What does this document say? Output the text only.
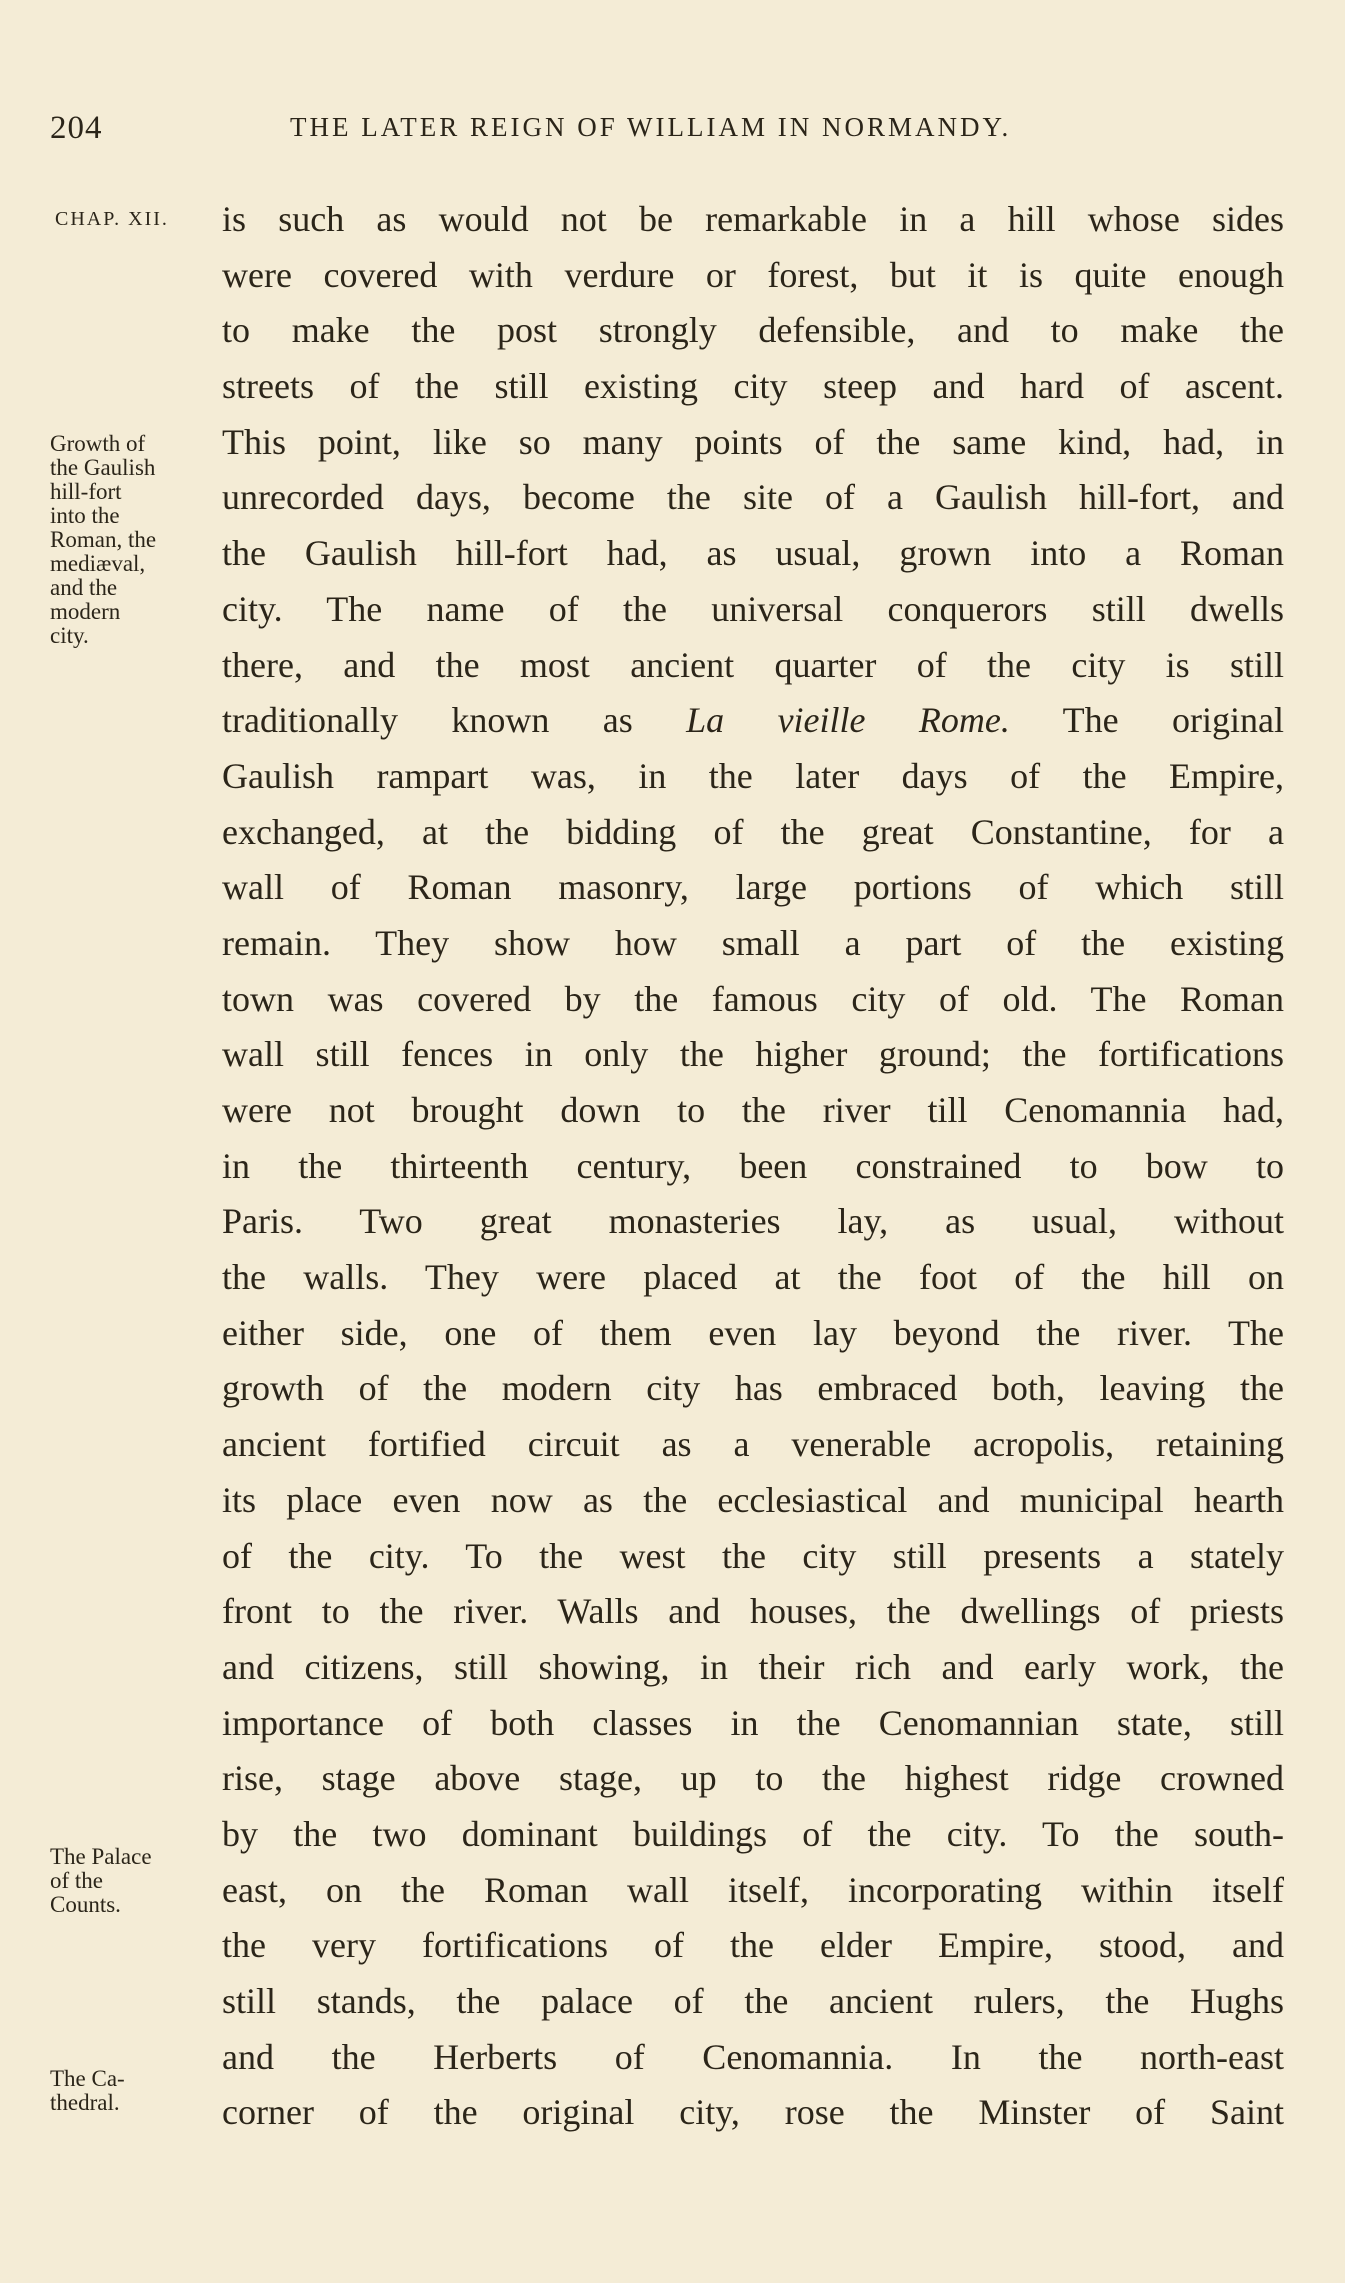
204	THE LATER REIGN OF WILLIAM IN NORMANDY.
CHAP. XII.
Growth of
the Gaulish
hill-fort
into the
Roman, the
mediæval,
and the
modern
city.
The Palace
of the
Counts.
The Ca-
thedral.
is such as would not be remarkable in a hill whose sides
were covered with verdure or forest, but it is quite enough
to make the post strongly defensible, and to make the
streets of the still existing city steep and hard of ascent.
This point, like so many points of the same kind, had, in
unrecorded days, become the site of a Gaulish hill-fort, and
the Gaulish hill-fort had, as usual, grown into a Roman
city. The name of the universal conquerors still dwells
there, and the most ancient quarter of the city is still
traditionally known as La vieille Rome. The original
Gaulish rampart was, in the later days of the Empire,
exchanged, at the bidding of the great Constantine, for a
wall of Roman masonry, large portions of which still
remain. They show how small a part of the existing
town was covered by the famous city of old. The Roman
wall still fences in only the higher ground; the fortifications
were not brought down to the river till Cenomannia had,
in the thirteenth century, been constrained to bow to
Paris. Two great monasteries lay, as usual, without
the walls. They were placed at the foot of the hill on
either side, one of them even lay beyond the river. The
growth of the modern city has embraced both, leaving the
ancient fortified circuit as a venerable acropolis, retaining
its place even now as the ecclesiastical and municipal hearth
of the city. To the west the city still presents a stately
front to the river. Walls and houses, the dwellings of priests
and citizens, still showing, in their rich and early work, the
importance of both classes in the Cenomannian state, still
rise, stage above stage, up to the highest ridge crowned
by the two dominant buildings of the city. To the south-
east, on the Roman wall itself, incorporating within itself
the very fortifications of the elder Empire, stood, and
still stands, the palace of the ancient rulers, the Hughs
and the Herberts of Cenomannia. In the north-east
corner of the original city, rose the Minster of Saint
